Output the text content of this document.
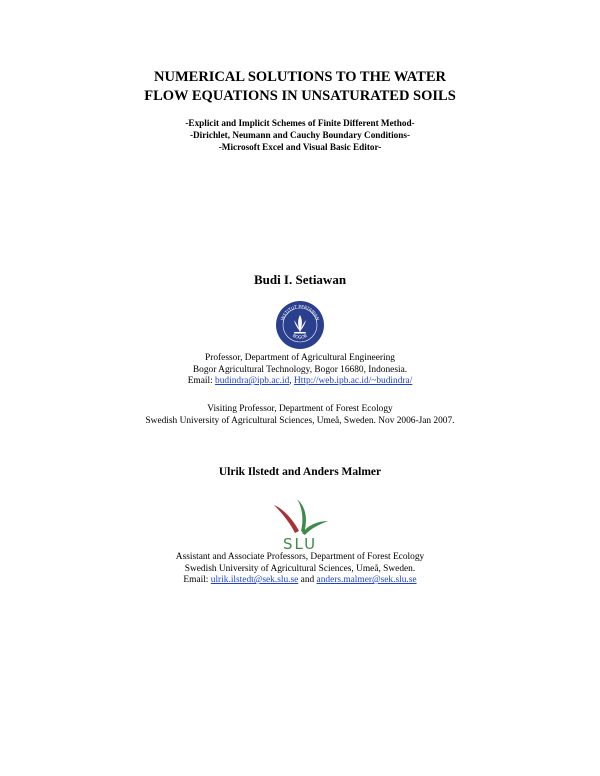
NUMERICAL SOLUTIONS TO THE WATER
FLOW EQUATIONS IN UNSATURATED SOILS
-Explicit and Implicit Schemes of Finite Different Method-
-Dirichlet, Neumann and Cauchy Boundary Conditions-
-Microsoft Excel and Visual Basic Editor-
Budi I. Setiawan
INSTITUT PERTANIAN
BOGOR
Professor, Department of Agricultural Engineering
Bogor Agricultural Technology, Bogor 16680, Indonesia.
Email: budindra@ipb.ac.id, Http://web.ipb.ac.id/~budindra/
Visiting Professor, Department of Forest Ecology
Swedish University of Agricultural Sciences, Umeå, Sweden. Nov 2006-Jan 2007.
Ulrik Ilstedt and Anders Malmer
SLU
Assistant and Associate Professors, Department of Forest Ecology
Swedish University of Agricultural Sciences, Umeå, Sweden.
Email: ulrik.ilstedt@sek.slu.se and anders.malmer@sek.slu.se
